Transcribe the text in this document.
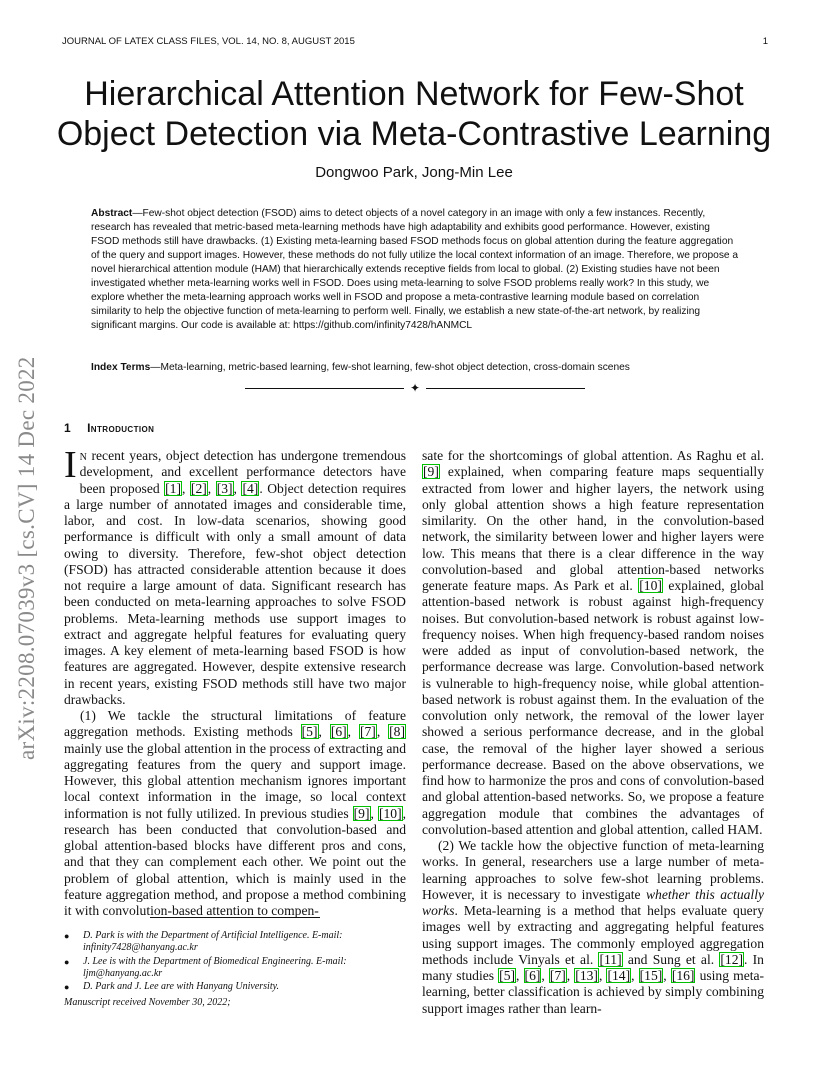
JOURNAL OF LATEX CLASS FILES, VOL. 14, NO. 8, AUGUST 2015	1
arXiv:2208.07039v3 [cs.CV] 14 Dec 2022
Hierarchical Attention Network for Few-Shot Object Detection via Meta-Contrastive Learning
Dongwoo Park, Jong-Min Lee

Abstract—Few-shot object detection (FSOD) aims to detect objects of a novel category in an image with only a few instances. Recently, research has revealed that metric-based meta-learning methods have high adaptability and exhibits good performance. However, existing FSOD methods still have drawbacks. (1) Existing meta-learning based FSOD methods focus on global attention during the feature aggregation of the query and support images. However, these methods do not fully utilize the local context information of an image. Therefore, we propose a novel hierarchical attention module (HAM) that hierarchically extends receptive fields from local to global. (2) Existing studies have not been investigated whether meta-learning works well in FSOD. Does using meta-learning to solve FSOD problems really work? In this study, we explore whether the meta-learning approach works well in FSOD and propose a meta-contrastive learning module based on correlation similarity to help the objective function of meta-learning to perform well. Finally, we establish a new state-of-the-art network, by realizing significant margins. Our code is available at: https://github.com/infinity7428/hANMCL

Index Terms—Meta-learning, metric-based learning, few-shot learning, few-shot object detection, cross-domain scenes

✦
1 Introduction

In recent years, object detection has undergone tremendous development, and excellent performance detectors have been proposed [1], [2], [3], [4]. Object detection requires a large number of annotated images and considerable time, labor, and cost. In low-data scenarios, showing good performance is difficult with only a small amount of data owing to diversity. Therefore, few-shot object detection (FSOD) has attracted considerable attention because it does not require a large amount of data. Significant research has been conducted on meta-learning approaches to solve FSOD problems. Meta-learning methods use support images to extract and aggregate helpful features for evaluating query images. A key element of meta-learning based FSOD is how features are aggregated. However, despite extensive research in recent years, existing FSOD methods still have two major drawbacks.

(1) We tackle the structural limitations of feature aggregation methods. Existing methods [5], [6], [7], [8] mainly use the global attention in the process of extracting and aggregating features from the query and support image. However, this global attention mechanism ignores important local context information in the image, so local context information is not fully utilized. In previous studies [9], [10], research has been conducted that convolution-based and global attention-based blocks have different pros and cons, and that they can complement each other. We point out the problem of global attention, which is mainly used in the feature aggregation method, and propose a method combining it with convolution-based attention to compen-

sate for the shortcomings of global attention. As Raghu et al. [9] explained, when comparing feature maps sequentially extracted from lower and higher layers, the network using only global attention shows a high feature representation similarity. On the other hand, in the convolution-based network, the similarity between lower and higher layers were low. This means that there is a clear difference in the way convolution-based and global attention-based networks generate feature maps. As Park et al. [10] explained, global attention-based network is robust against high-frequency noises. But convolution-based network is robust against low-frequency noises. When high frequency-based random noises were added as input of convolution-based network, the performance decrease was large. Convolution-based network is vulnerable to high-frequency noise, while global attention-based network is robust against them. In the evaluation of the convolution only network, the removal of the lower layer showed a serious performance decrease, and in the global case, the removal of the higher layer showed a serious performance decrease. Based on the above observations, we find how to harmonize the pros and cons of convolution-based and global attention-based networks. So, we propose a feature aggregation module that combines the advantages of convolution-based attention and global attention, called HAM.

(2) We tackle how the objective function of meta-learning works. In general, researchers use a large number of meta-learning approaches to solve few-shot learning problems. However, it is necessary to investigate whether this actually works. Meta-learning is a method that helps evaluate query images well by extracting and aggregating helpful features using support images. The commonly employed aggregation methods include Vinyals et al. [11] and Sung et al. [12]. In many studies [5], [6], [7], [13], [14], [15], [16] using meta-learning, better classification is achieved by simply combining support images rather than learn-

● D. Park is with the Department of Artificial Intelligence. E-mail: infinity7428@hanyang.ac.kr
● J. Lee is with the Department of Biomedical Engineering. E-mail: ljm@hanyang.ac.kr
● D. Park and J. Lee are with Hanyang University.
Manuscript received November 30, 2022;
